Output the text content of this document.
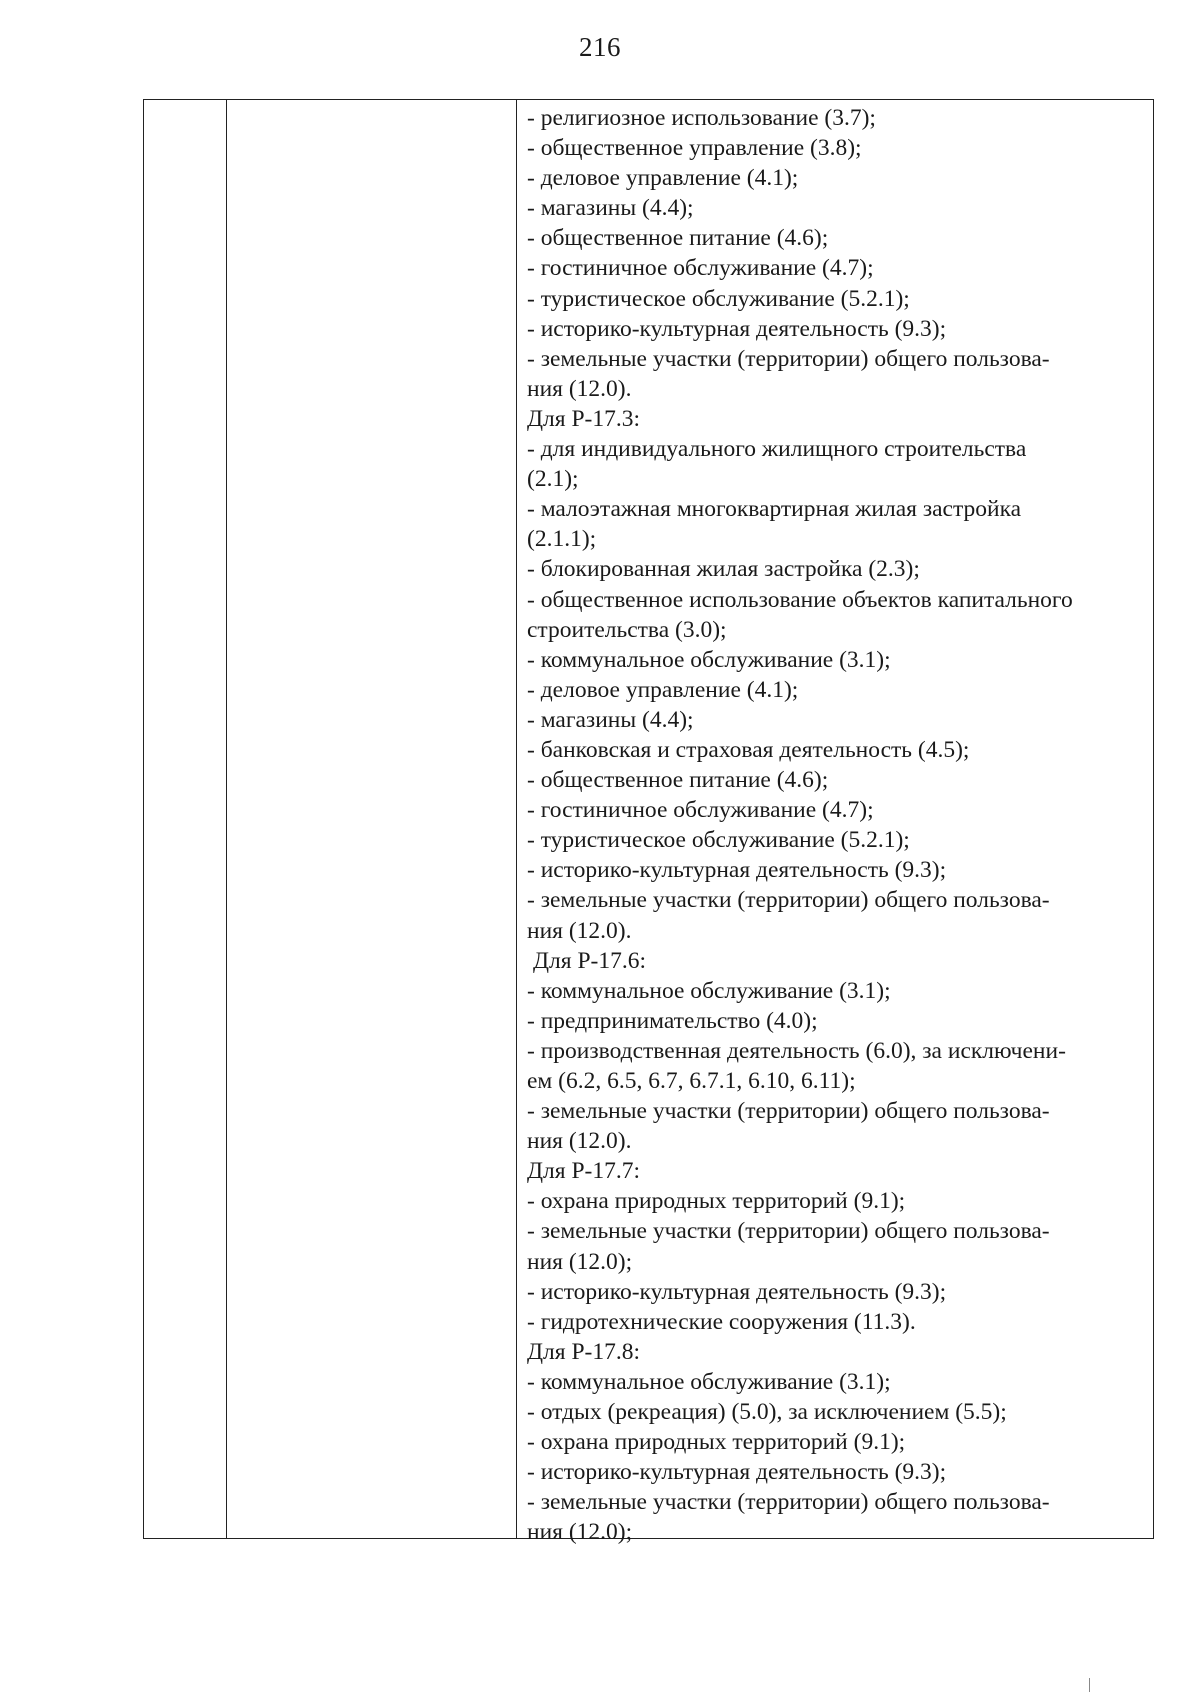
216
- религиозное использование (3.7);
- общественное управление (3.8);
- деловое управление (4.1);
- магазины (4.4);
- общественное питание (4.6);
- гостиничное обслуживание (4.7);
- туристическое обслуживание (5.2.1);
- историко-культурная деятельность (9.3);
- земельные участки (территории) общего пользова-
ния (12.0).
Для Р-17.3:
- для индивидуального жилищного строительства
(2.1);
- малоэтажная многоквартирная жилая застройка
(2.1.1);
- блокированная жилая застройка (2.3);
- общественное использование объектов капитального
строительства (3.0);
- коммунальное обслуживание (3.1);
- деловое управление (4.1);
- магазины (4.4);
- банковская и страховая деятельность (4.5);
- общественное питание (4.6);
- гостиничное обслуживание (4.7);
- туристическое обслуживание (5.2.1);
- историко-культурная деятельность (9.3);
- земельные участки (территории) общего пользова-
ния (12.0).
Для Р-17.6:
- коммунальное обслуживание (3.1);
- предпринимательство (4.0);
- производственная деятельность (6.0), за исключени-
ем (6.2, 6.5, 6.7, 6.7.1, 6.10, 6.11);
- земельные участки (территории) общего пользова-
ния (12.0).
Для Р-17.7:
- охрана природных территорий (9.1);
- земельные участки (территории) общего пользова-
ния (12.0);
- историко-культурная деятельность (9.3);
- гидротехнические сооружения (11.3).
Для Р-17.8:
- коммунальное обслуживание (3.1);
- отдых (рекреация) (5.0), за исключением (5.5);
- охрана природных территорий (9.1);
- историко-культурная деятельность (9.3);
- земельные участки (территории) общего пользова-
ния (12.0);
